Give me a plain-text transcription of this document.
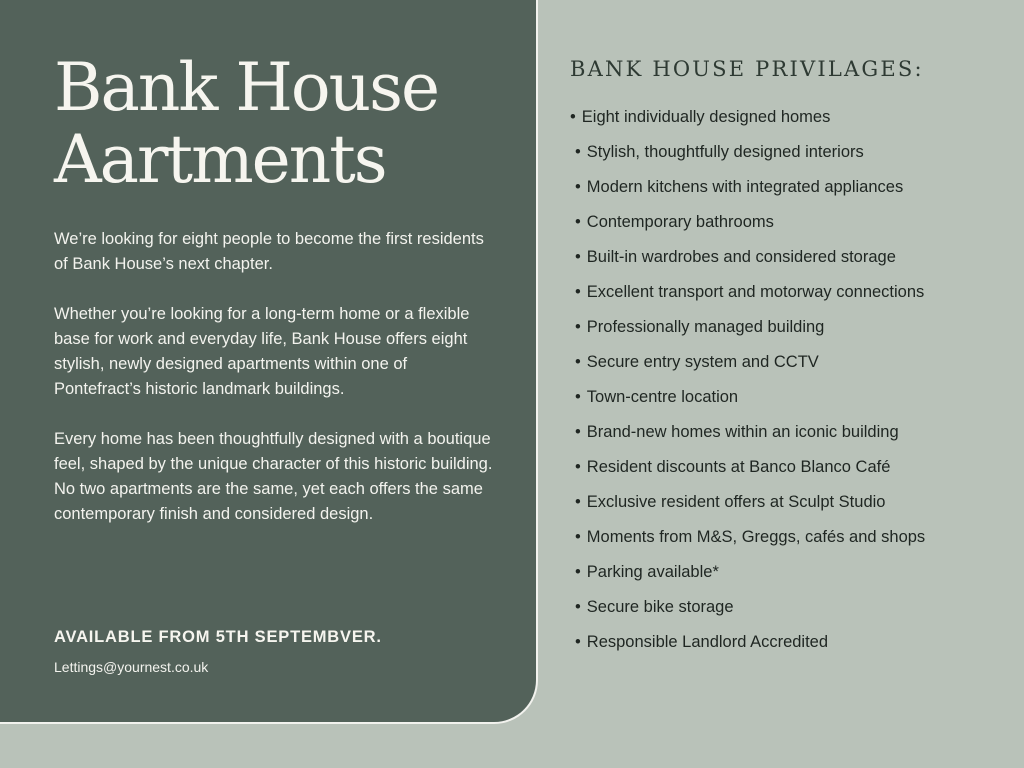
Bank House
Aartments

We’re looking for eight people to become the first residents of Bank House’s next chapter.

Whether you’re looking for a long-term home or a flexible base for work and everyday life, Bank House offers eight stylish, newly designed apartments within one of Pontefract’s historic landmark buildings.

Every home has been thoughtfully designed with a boutique feel, shaped by the unique character of this historic building. No two apartments are the same, yet each offers the same contemporary finish and considered design.

AVAILABLE FROM 5TH SEPTEMBVER.
Lettings@yournest.co.uk
BANK HOUSE PRIVILAGES:
• Eight individually designed homes
• Stylish, thoughtfully designed interiors
• Modern kitchens with integrated appliances
• Contemporary bathrooms
• Built-in wardrobes and considered storage
• Excellent transport and motorway connections
• Professionally managed building
• Secure entry system and CCTV
• Town-centre location
• Brand-new homes within an iconic building
• Resident discounts at Banco Blanco Café
• Exclusive resident offers at Sculpt Studio
• Moments from M&S, Greggs, cafés and shops
• Parking available*
• Secure bike storage
• Responsible Landlord Accredited
